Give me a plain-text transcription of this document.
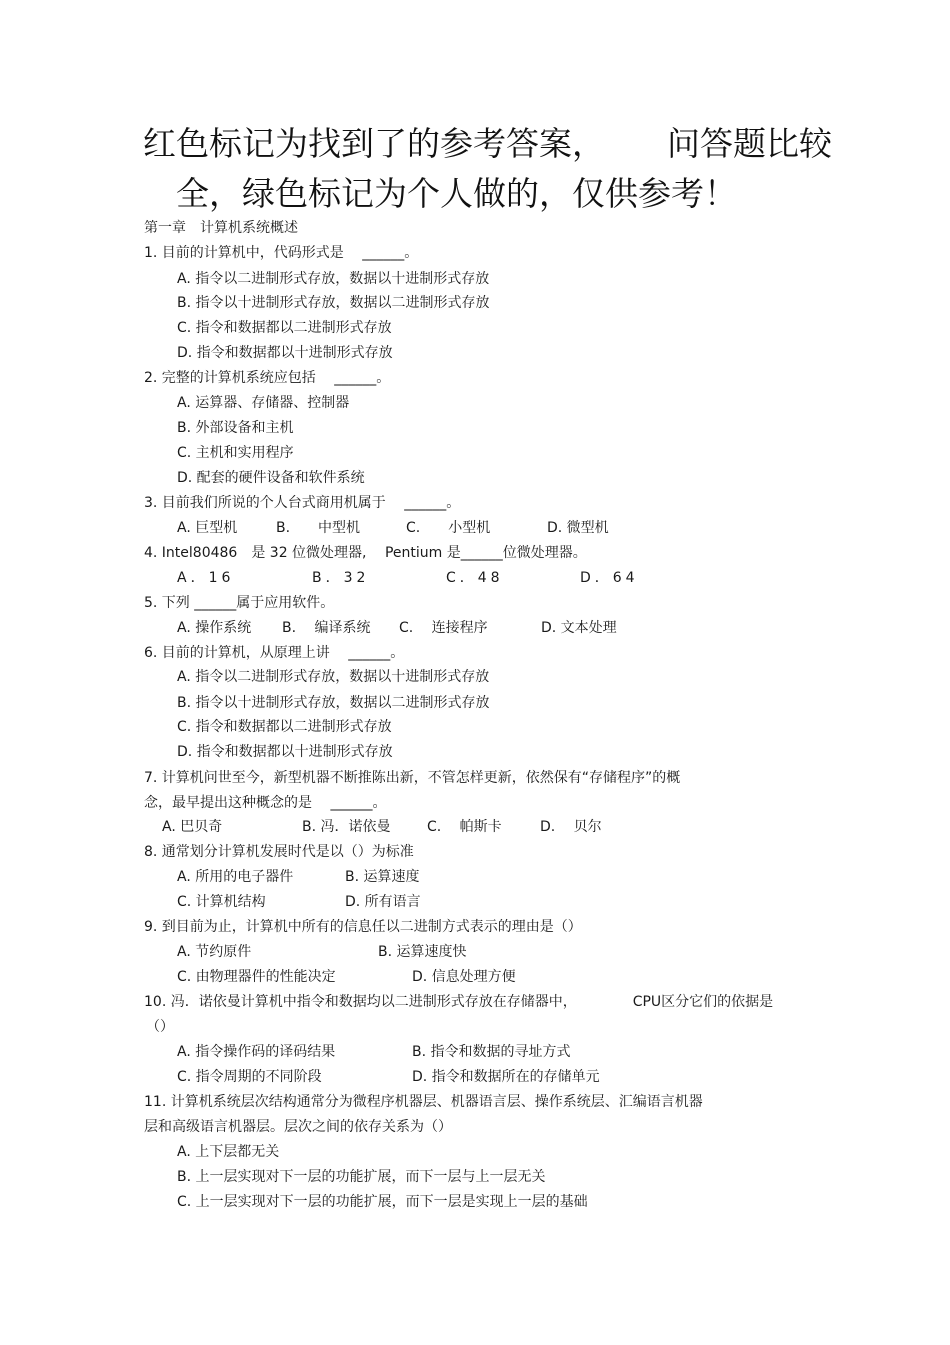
红色标记为找到了的参考答案， 问答题比较
全，绿色标记为个人做的，仅供参考！
第一章　计算机系统概述
1. 目前的计算机中，代码形式是　 ______。
A. 指令以二进制形式存放，数据以十进制形式存放
B. 指令以十进制形式存放，数据以二进制形式存放
C. 指令和数据都以二进制形式存放
D. 指令和数据都以十进制形式存放
2. 完整的计算机系统应包括　 ______。
A. 运算器、存储器、控制器
B. 外部设备和主机
C. 主机和实用程序
D. 配套的硬件设备和软件系统
3. 目前我们所说的个人台式商用机属于　 ______。
A. 巨型机	B.　　中型机	C.　　小型机	D. 微型机
4. Intel80486　是 32 位微处理器,　 Pentium 是______位微处理器。
A．16	B．32	C．48	D．64
5. 下列 ______属于应用软件。
A. 操作系统 B.　 编译系统 C.　 连接程序	D. 文本处理
6. 目前的计算机，从原理上讲　 ______。
A. 指令以二进制形式存放，数据以十进制形式存放
B. 指令以十进制形式存放，数据以二进制形式存放
C. 指令和数据都以二进制形式存放
D. 指令和数据都以十进制形式存放
7. 计算机问世至今，新型机器不断推陈出新，不管怎样更新，依然保有“存储程序”的概
念，最早提出这种概念的是　 ______。
A. 巴贝奇	B. 冯．诺依曼	C.　 帕斯卡	D.　 贝尔
8. 通常划分计算机发展时代是以（）为标准
A. 所用的电子器件	B. 运算速度
C. 计算机结构	D. 所有语言
9. 到目前为止，计算机中所有的信息任以二进制方式表示的理由是（）
A. 节约原件	B. 运算速度快
C. 由物理器件的性能决定	D. 信息处理方便
10. 冯．诺依曼计算机中指令和数据均以二进制形式存放在存储器中，	CPU区分它们的依据是
（）
A. 指令操作码的译码结果	B. 指令和数据的寻址方式
C. 指令周期的不同阶段	D. 指令和数据所在的存储单元
11. 计算机系统层次结构通常分为微程序机器层、机器语言层、操作系统层、汇编语言机器
层和高级语言机器层。层次之间的依存关系为（）
A. 上下层都无关
B. 上一层实现对下一层的功能扩展，而下一层与上一层无关
C. 上一层实现对下一层的功能扩展，而下一层是实现上一层的基础
